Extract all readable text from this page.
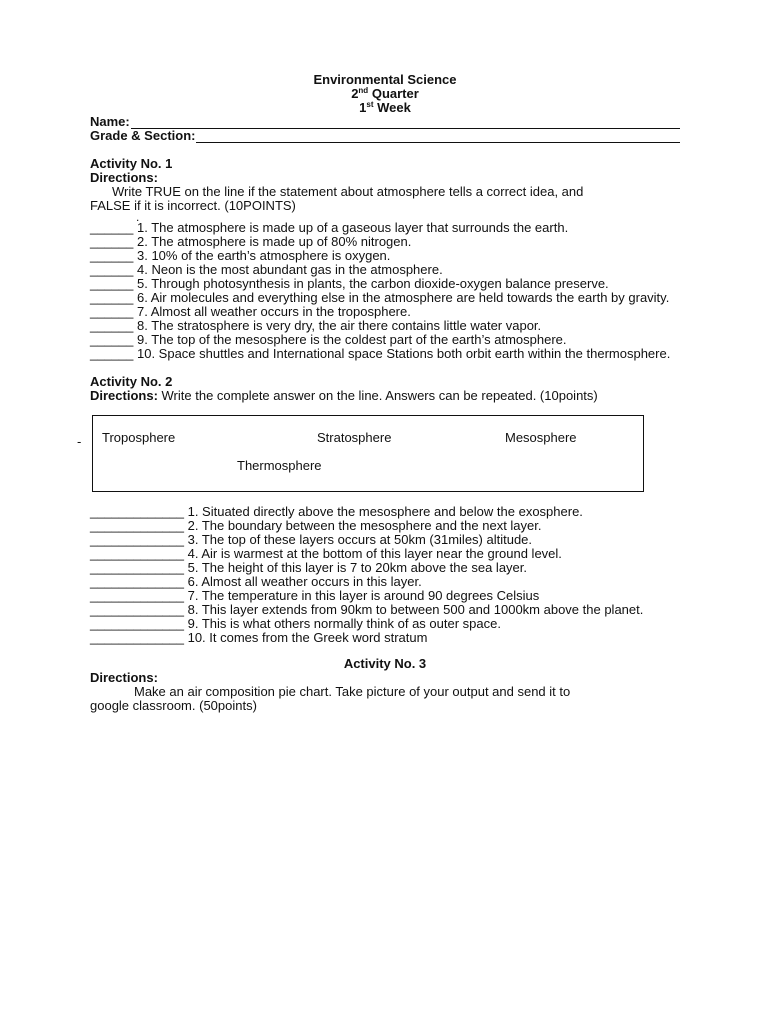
Environmental Science
2nd Quarter
1st Week
Name:
Grade & Section:
Activity No. 1
Directions:
Write TRUE on the line if the statement about atmosphere tells a correct idea, and
FALSE if it is incorrect. (10POINTS)
.
______ 1. The atmosphere is made up of a gaseous layer that surrounds the earth.
______ 2. The atmosphere is made up of 80% nitrogen.
______ 3. 10% of the earth’s atmosphere is oxygen.
______ 4. Neon is the most abundant gas in the atmosphere.
______ 5. Through photosynthesis in plants, the carbon dioxide-oxygen balance preserve.
______ 6. Air molecules and everything else in the atmosphere are held towards the earth by gravity.
______ 7. Almost all weather occurs in the troposphere.
______ 8. The stratosphere is very dry, the air there contains little water vapor.
______ 9. The top of the mesosphere is the coldest part of the earth’s atmosphere.
______ 10. Space shuttles and International space Stations both orbit earth within the thermosphere.
Activity No. 2
Directions: Write the complete answer on the line. Answers can be repeated. (10points)
- Troposphere	Stratosphere	Mesosphere
Thermosphere
_____________ 1. Situated directly above the mesosphere and below the exosphere.
_____________ 2. The boundary between the mesosphere and the next layer.
_____________ 3. The top of these layers occurs at 50km (31miles) altitude.
_____________ 4. Air is warmest at the bottom of this layer near the ground level.
_____________ 5. The height of this layer is 7 to 20km above the sea layer.
_____________ 6. Almost all weather occurs in this layer.
_____________ 7. The temperature in this layer is around 90 degrees Celsius
_____________ 8. This layer extends from 90km to between 500 and 1000km above the planet.
_____________ 9. This is what others normally think of as outer space.
_____________ 10. It comes from the Greek word stratum
Activity No. 3
Directions:
Make an air composition pie chart. Take picture of your output and send it to
google classroom. (50points)
